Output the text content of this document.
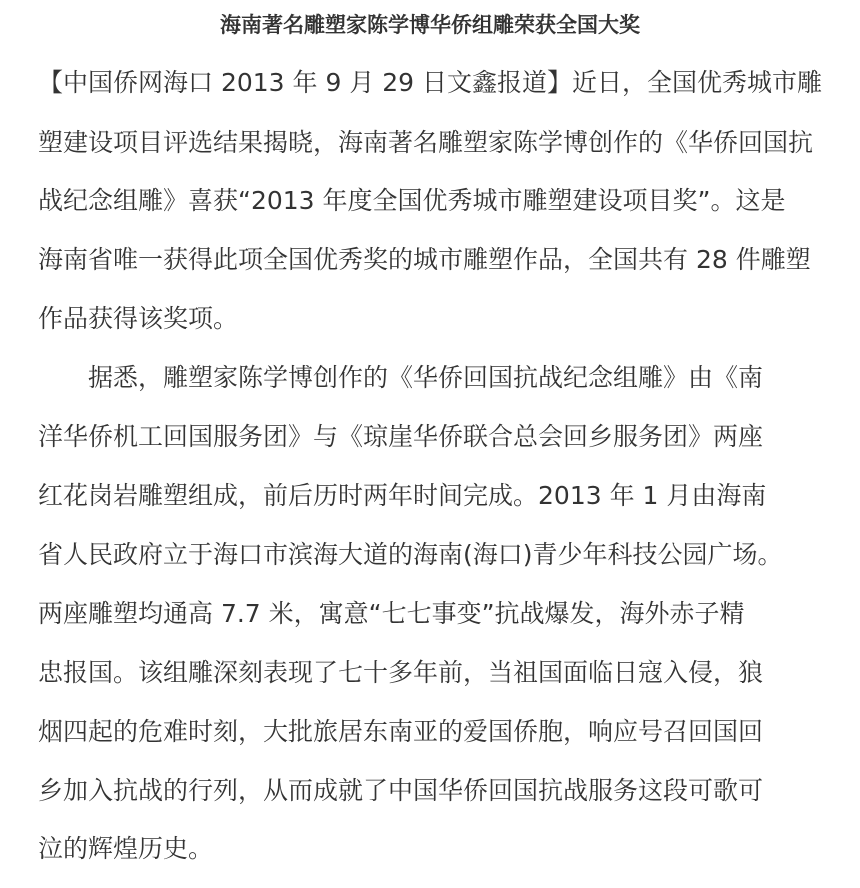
海南著名雕塑家陈学博华侨组雕荣获全国大奖
【中国侨网海口 2013 年 9 月 29 日文鑫报道】近日，全国优秀城市雕
塑建设项目评选结果揭晓，海南著名雕塑家陈学博创作的《华侨回国抗
战纪念组雕》喜获“2013 年度全国优秀城市雕塑建设项目奖”。这是
海南省唯一获得此项全国优秀奖的城市雕塑作品，全国共有 28 件雕塑
作品获得该奖项。
据悉，雕塑家陈学博创作的《华侨回国抗战纪念组雕》由《南
洋华侨机工回国服务团》与《琼崖华侨联合总会回乡服务团》两座
红花岗岩雕塑组成，前后历时两年时间完成。2013 年 1 月由海南
省人民政府立于海口市滨海大道的海南(海口)青少年科技公园广场。
两座雕塑均通高 7.7 米，寓意“七七事变”抗战爆发，海外赤子精
忠报国。该组雕深刻表现了七十多年前，当祖国面临日寇入侵，狼
烟四起的危难时刻，大批旅居东南亚的爱国侨胞，响应号召回国回
乡加入抗战的行列，从而成就了中国华侨回国抗战服务这段可歌可
泣的辉煌历史。
